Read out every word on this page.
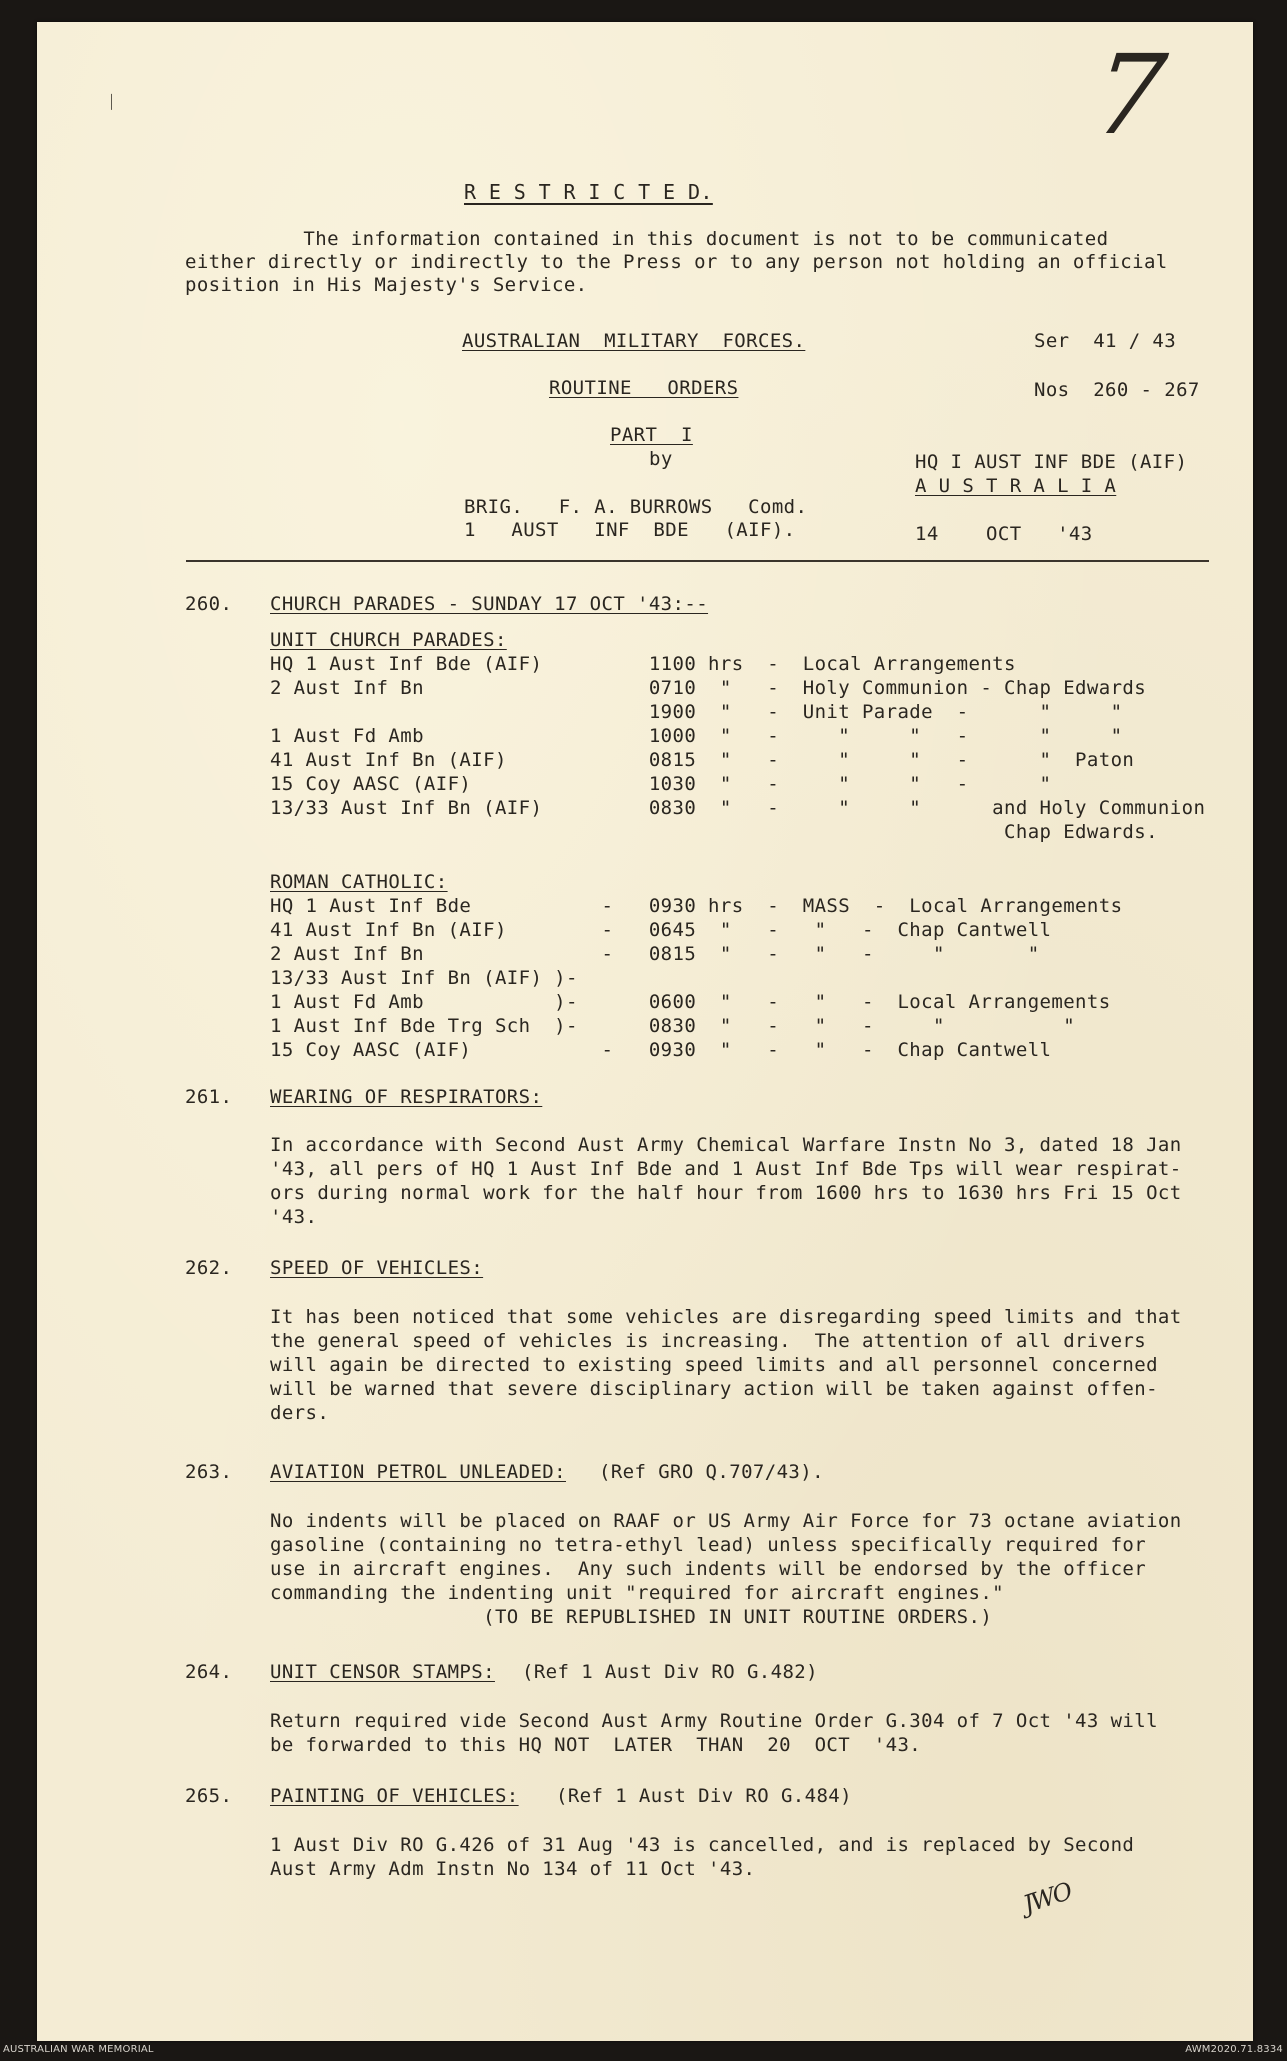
7
ᛁ
R E S T R I C T E D.
The information contained in this document is not to be communicated
either directly or indirectly to the Press or to any person not holding an official
position in His Majesty's Service.
AUSTRALIAN  MILITARY  FORCES.	Ser  41 / 43
ROUTINE   ORDERS	Nos  260 - 267
PART  I
by	HQ I AUST INF BDE (AIF)
A U S T R A L I A
BRIG.   F. A. BURROWS   Comd.
1   AUST   INF  BDE   (AIF).	14    OCT   '43
260. CHURCH PARADES - SUNDAY 17 OCT '43:--
UNIT CHURCH PARADES:
HQ 1 Aust Inf Bde (AIF)         1100 hrs  -  Local Arrangements
2 Aust Inf Bn                   0710  "   -  Holy Communion - Chap Edwards
1900  "   -  Unit Parade  -      "     "
1 Aust Fd Amb                   1000  "   -     "     "   -      "     "
41 Aust Inf Bn (AIF)            0815  "   -     "     "   -      "  Paton
15 Coy AASC (AIF)               1030  "   -     "     "   -      "
13/33 Aust Inf Bn (AIF)         0830  "   -     "     "      and Holy Communion
Chap Edwards.
ROMAN CATHOLIC:
HQ 1 Aust Inf Bde           -   0930 hrs  -  MASS  -  Local Arrangements
41 Aust Inf Bn (AIF)        -   0645  "   -   "   -  Chap Cantwell
2 Aust Inf Bn               -   0815  "   -   "   -     "       "
13/33 Aust Inf Bn (AIF) )-
1 Aust Fd Amb           )-      0600  "   -   "   -  Local Arrangements
1 Aust Inf Bde Trg Sch  )-      0830  "   -   "   -     "          "
15 Coy AASC (AIF)           -   0930  "   -   "   -  Chap Cantwell
261. WEARING OF RESPIRATORS:
In accordance with Second Aust Army Chemical Warfare Instn No 3, dated 18 Jan
'43, all pers of HQ 1 Aust Inf Bde and 1 Aust Inf Bde Tps will wear respirat-
ors during normal work for the half hour from 1600 hrs to 1630 hrs Fri 15 Oct
'43.
262. SPEED OF VEHICLES:
It has been noticed that some vehicles are disregarding speed limits and that
the general speed of vehicles is increasing.  The attention of all drivers
will again be directed to existing speed limits and all personnel concerned
will be warned that severe disciplinary action will be taken against offen-
ders.
263. AVIATION PETROL UNLEADED: (Ref GRO Q.707/43).
No indents will be placed on RAAF or US Army Air Force for 73 octane aviation
gasoline (containing no tetra-ethyl lead) unless specifically required for
use in aircraft engines.  Any such indents will be endorsed by the officer
commanding the indenting unit "required for aircraft engines."
(TO BE REPUBLISHED IN UNIT ROUTINE ORDERS.)
264. UNIT CENSOR STAMPS: (Ref 1 Aust Div RO G.482)
Return required vide Second Aust Army Routine Order G.304 of 7 Oct '43 will
be forwarded to this HQ NOT  LATER  THAN  20  OCT  '43.
265. PAINTING OF VEHICLES: (Ref 1 Aust Div RO G.484)
1 Aust Div RO G.426 of 31 Aug '43 is cancelled, and is replaced by Second
Aust Army Adm Instn No 134 of 11 Oct '43.
JWO
AUSTRALIAN WAR MEMORIAL	AWM2020.71.8334
